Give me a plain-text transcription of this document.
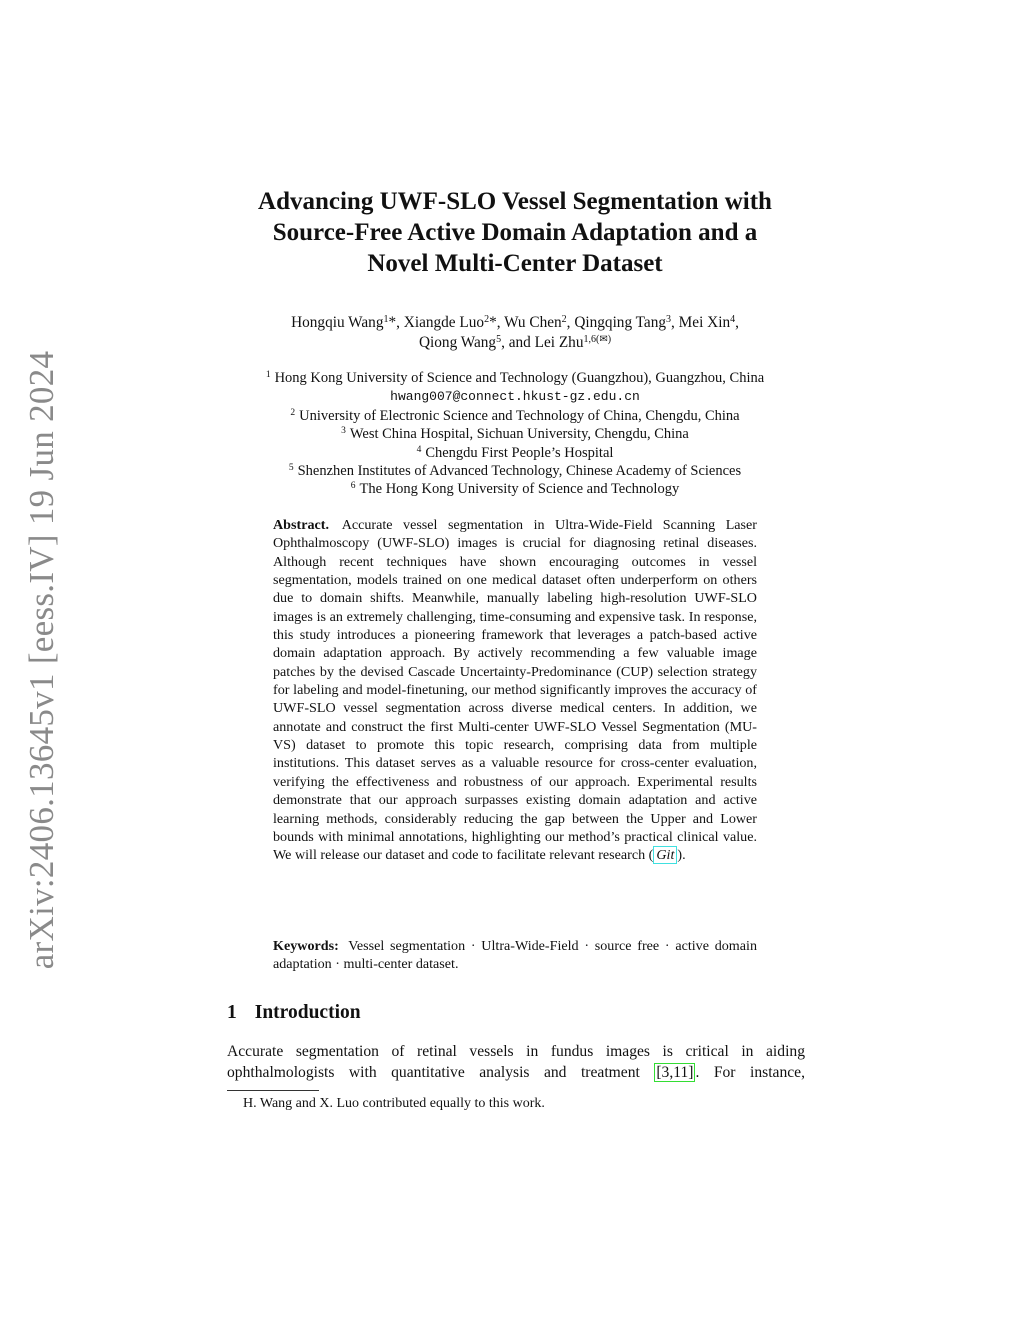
arXiv:2406.13645v1 [eess.IV] 19 Jun 2024
Advancing UWF-SLO Vessel Segmentation with
Source-Free Active Domain Adaptation and a
Novel Multi-Center Dataset
Hongqiu Wang$^1$*, Xiangde Luo$^2$*, Wu Chen$^2$, Qingqing Tang$^3$, Mei Xin$^4$,
Qiong Wang$^5$, and Lei Zhu$^{1,6(✉)}$
$^1$ Hong Kong University of Science and Technology (Guangzhou), Guangzhou, China
hwang007@connect.hkust-gz.edu.cn
$^2$ University of Electronic Science and Technology of China, Chengdu, China
$^3$ West China Hospital, Sichuan University, Chengdu, China
$^4$ Chengdu First People’s Hospital
$^5$ Shenzhen Institutes of Advanced Technology, Chinese Academy of Sciences
$^6$ The Hong Kong University of Science and Technology
Abstract. Accurate vessel segmentation in Ultra-Wide-Field Scanning Laser Ophthalmoscopy (UWF-SLO) images is crucial for diagnosing retinal diseases. Although recent techniques have shown encouraging outcomes in vessel segmentation, models trained on one medical dataset often underperform on others due to domain shifts. Meanwhile, manually labeling high-resolution UWF-SLO images is an extremely challenging, time-consuming and expensive task. In response, this study introduces a pioneering framework that leverages a patch-based active domain adaptation approach. By actively recommending a few valuable image patches by the devised Cascade Uncertainty-Predominance (CUP) selection strategy for labeling and model-finetuning, our method significantly improves the accuracy of UWF-SLO vessel segmentation across diverse medical centers. In addition, we annotate and construct the first Multi-center UWF-SLO Vessel Segmentation (MU-VS) dataset to promote this topic research, comprising data from multiple institutions. This dataset serves as a valuable resource for cross-center evaluation, verifying the effectiveness and robustness of our approach. Experimental results demonstrate that our approach surpasses existing domain adaptation and active learning methods, considerably reducing the gap between the Upper and Lower bounds with minimal annotations, highlighting our method’s practical clinical value. We will release our dataset and code to facilitate relevant research ( Git ).
Keywords: Vessel segmentation · Ultra-Wide-Field · source free · active domain adaptation · multi-center dataset.
1 Introduction
Accurate segmentation of retinal vessels in fundus images is critical in aiding ophthalmologists with quantitative analysis and treatment [3,11] . For instance,
H. Wang and X. Luo contributed equally to this work.
